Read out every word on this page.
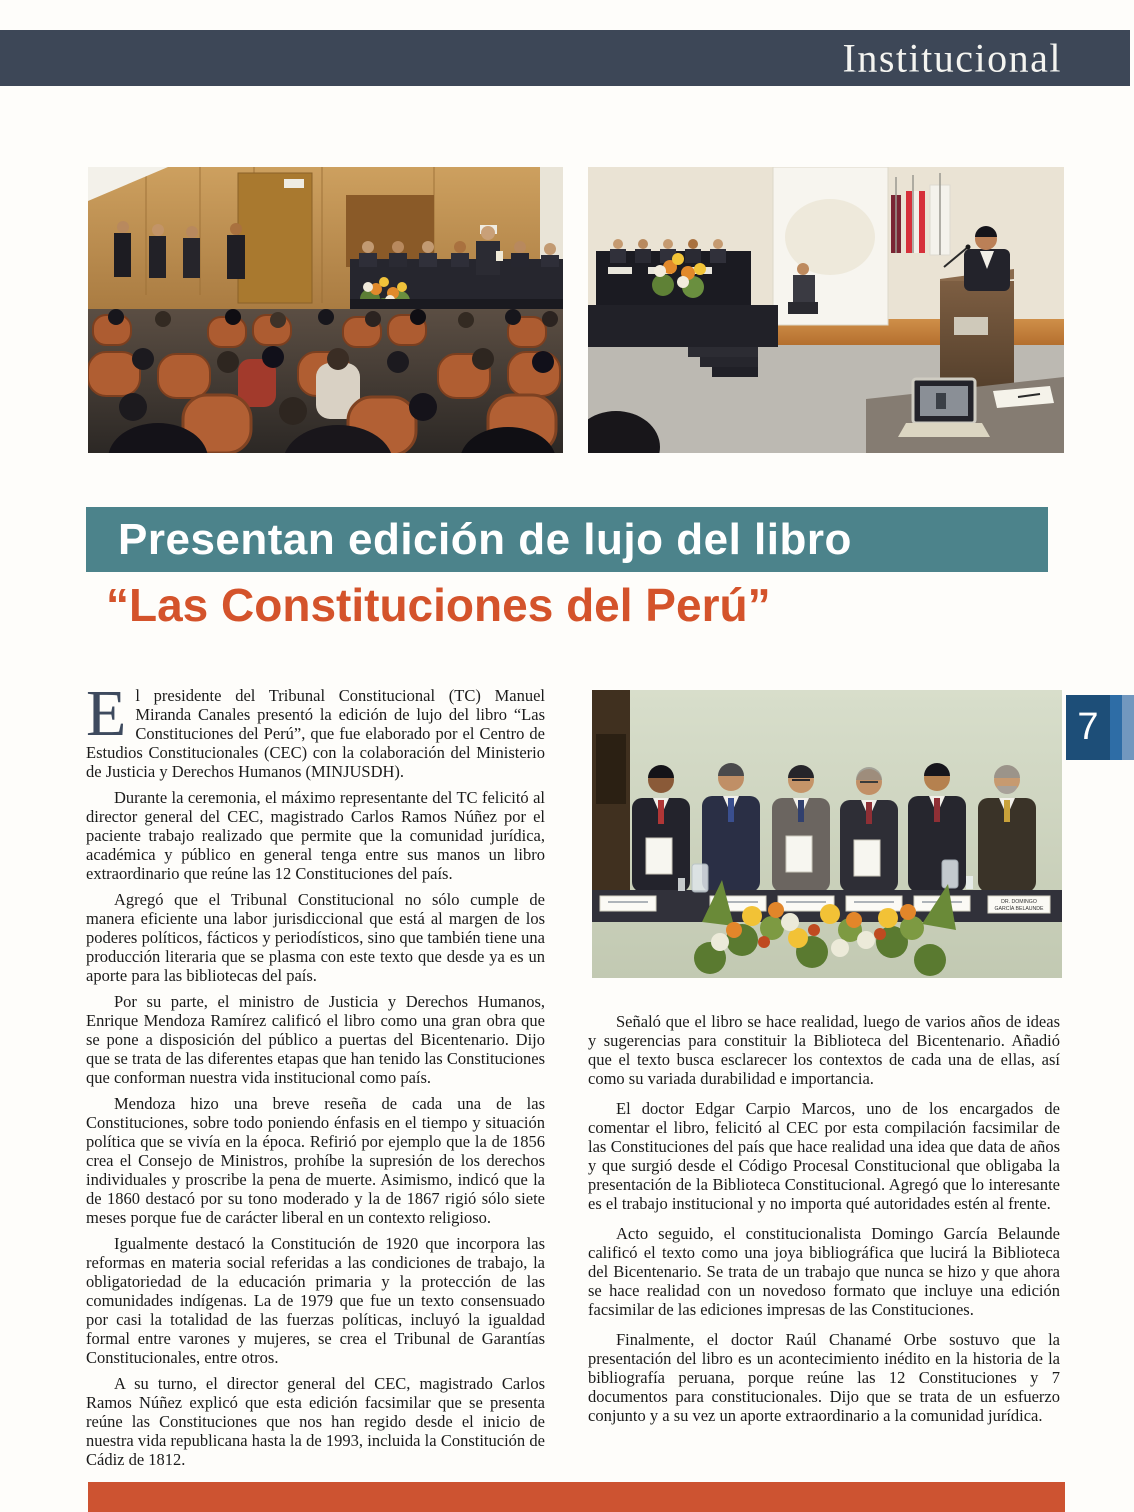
Institucional
Presentan edición de lujo del libro
“Las Constituciones del Perú”

El presidente del Tribunal Constitucional (TC) Manuel Miranda Canales presentó la edición de lujo del libro “Las Constituciones del Perú”, que fue elaborado por el Centro de Estudios Constitucionales (CEC) con la colaboración del Ministerio de Justicia y Derechos Humanos (MINJUSDH).

Durante la ceremonia, el máximo representante del TC felicitó al director general del CEC, magistrado Carlos Ramos Núñez por el paciente trabajo realizado que permite que la comunidad jurídica, académica y público en general tenga entre sus manos un libro extraordinario que reúne las 12 Constituciones del país.

Agregó que el Tribunal Constitucional no sólo cumple de manera eficiente una labor jurisdiccional que está al margen de los poderes políticos, fácticos y periodísticos, sino que también tiene una producción literaria que se plasma con este texto que desde ya es un aporte para las bibliotecas del país.

Por su parte, el ministro de Justicia y Derechos Humanos, Enrique Mendoza Ramírez calificó el libro como una gran obra que se pone a disposición del público a puertas del Bicentenario. Dijo que se trata de las diferentes etapas que han tenido las Constituciones que conforman nuestra vida institucional como país.

Mendoza hizo una breve reseña de cada una de las Constituciones, sobre todo poniendo énfasis en el tiempo y situación política que se vivía en la época. Refirió por ejemplo que la de 1856 crea el Consejo de Ministros, prohíbe la supresión de los derechos individuales y proscribe la pena de muerte. Asimismo, indicó que la de 1860 destacó por su tono moderado y la de 1867 rigió sólo siete meses porque fue de carácter liberal en un contexto religioso.

Igualmente destacó la Constitución de 1920 que incorpora las reformas en materia social referidas a las condiciones de trabajo, la obligatoriedad de la educación primaria y la protección de las comunidades indígenas. La de 1979 que fue un texto consensuado por casi la totalidad de las fuerzas políticas, incluyó la igualdad formal entre varones y mujeres, se crea el Tribunal de Garantías Constitucionales, entre otros.

A su turno, el director general del CEC, magistrado Carlos Ramos Núñez explicó que esta edición facsimilar que se presenta reúne las Constituciones que nos han regido desde el inicio de nuestra vida republicana hasta la de 1993, incluida la Constitución de Cádiz de 1812.

DR. DOMINGO
GARCÍA BELAUNDE

Señaló que el libro se hace realidad, luego de varios años de ideas y sugerencias para constituir la Biblioteca del Bicentenario. Añadió que el texto busca esclarecer los contextos de cada una de ellas, así como su variada durabilidad e importancia.

El doctor Edgar Carpio Marcos, uno de los encargados de comentar el libro, felicitó al CEC por esta compilación facsimilar de las Constituciones del país que hace realidad una idea que data de años y que surgió desde el Código Procesal Constitucional que obligaba la presentación de la Biblioteca Constitucional. Agregó que lo interesante es el trabajo institucional y no importa qué autoridades estén al frente.

Acto seguido, el constitucionalista Domingo García Belaunde calificó el texto como una joya bibliográfica que lucirá la Biblioteca del Bicentenario. Se trata de un trabajo que nunca se hizo y que ahora se hace realidad con un novedoso formato que incluye una edición facsimilar de las ediciones impresas de las Constituciones.

Finalmente, el doctor Raúl Chanamé Orbe sostuvo que la presentación del libro es un acontecimiento inédito en la historia de la bibliografía peruana, porque reúne las 12 Constituciones y 7 documentos para constitucionales. Dijo que se trata de un esfuerzo conjunto y a su vez un aporte extraordinario a la comunidad jurídica.

7
